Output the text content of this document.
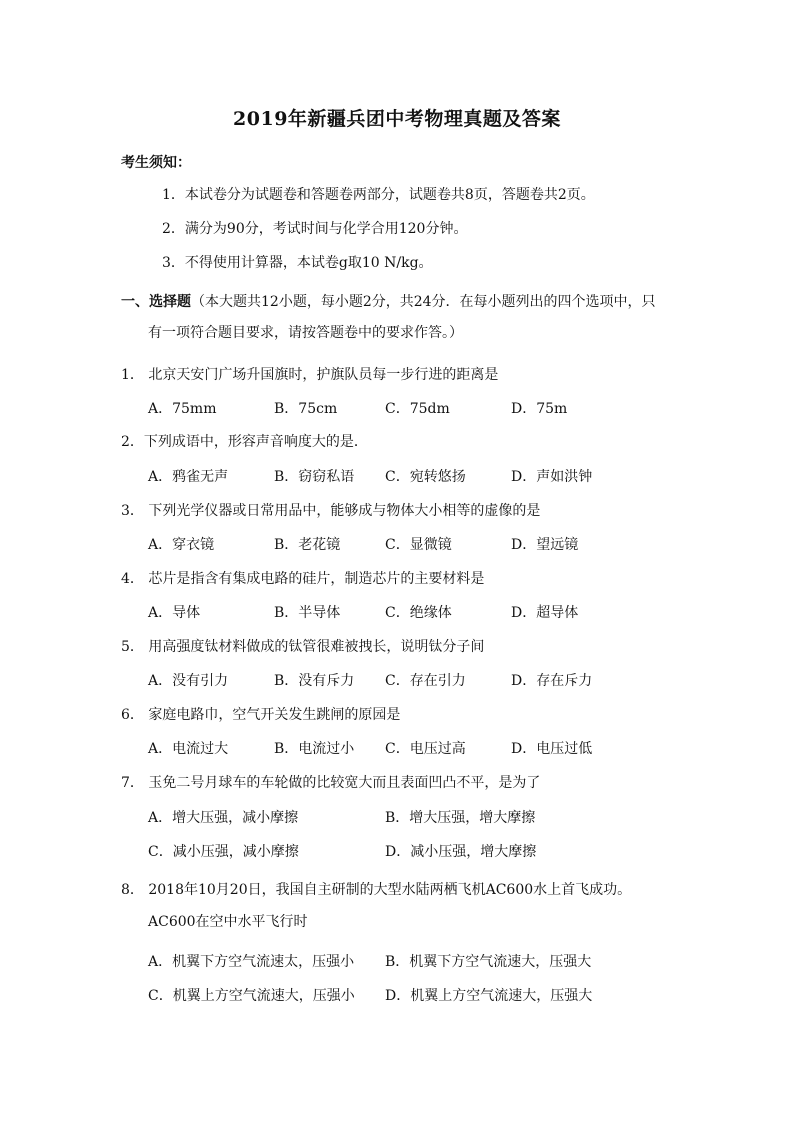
2019年新疆兵团中考物理真题及答案
考生须知：
1．本试卷分为试题卷和答题卷两部分，试题卷共8页，答题卷共2页。
2．满分为90分，考试时间与化学合用120分钟。
3．不得使用计算器，本试卷g取10 N/kg。
一、选择题（本大题共12小题，每小题2分，共24分．在每小题列出的四个选项中，只
有一项符合题目要求，请按答题卷中的要求作答。）
1． 北京天安门广场升国旗时，护旗队员每一步行进的距离是
A．75mm	B．75cm	C．75dm	D．75m
2．下列成语中，形容声音响度大的是．
A．鸦雀无声	B．窃窃私语 C．宛转悠扬	D．声如洪钟
3． 下列光学仪器或日常用品中，能够成与物体大小相等的虚像的是
A．穿衣镜	B．老花镜	C．显微镜	D．望远镜
4． 芯片是指含有集成电路的硅片，制造芯片的主要材料是
A．导体	B．半导体	C．绝缘体	D．超导体
5． 用高强度钛材料做成的钛管很难被拽长，说明钛分子间
A．没有引力	B．没有斥力 C．存在引力	D．存在斥力
6． 家庭电路巾，空气开关发生跳闸的原园是
A．电流过大	B．电流过小 C．电压过高	D．电压过低
7． 玉免二号月球车的车轮做的比较宽大而且表面凹凸不平，是为了
A．增大压强，减小摩擦	B．增大压强，增大摩擦
C．减小压强，减小摩擦	D．减小压强，增大摩擦
8． 2018年10月20日，我国自主研制的大型水陆两栖飞机AC600水上首飞成功。
AC600在空中水平飞行时
A．机翼下方空气流速太，压强小 B．机翼下方空气流速大，压强大
C．机翼上方空气流速大，压强小 D．机翼上方空气流速大，压强大
